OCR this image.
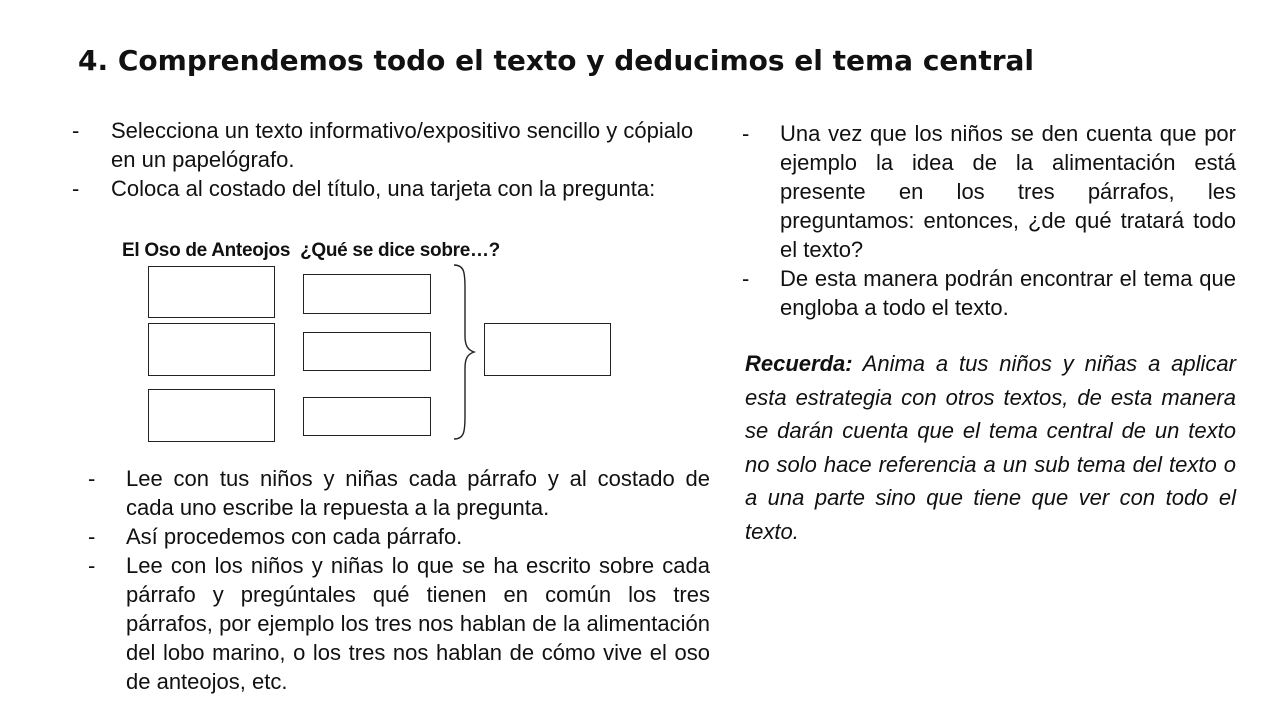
4. Comprendemos todo el texto y deducimos el tema central
- Selecciona un texto informativo/expositivo sencillo y cópialo en un papelógrafo.
- Coloca al costado del título, una tarjeta con la pregunta:
El Oso de Anteojos ¿Qué se dice sobre…?
- Lee con tus niños y niñas cada párrafo y al costado de cada uno escribe la repuesta a la pregunta.
- Así procedemos con cada párrafo.
- Lee con los niños y niñas lo que se ha escrito sobre cada párrafo y pregúntales qué tienen en común los tres párrafos, por ejemplo los tres nos hablan de la alimentación del lobo marino, o los tres nos hablan de cómo vive el oso de anteojos, etc.
- Una vez que los niños se den cuenta que por ejemplo la idea de la alimentación está presente en los tres párrafos, les preguntamos: entonces, ¿de qué tratará todo el texto?
- De esta manera podrán encontrar el tema que engloba a todo el texto.

Recuerda: Anima a tus niños y niñas a aplicar esta estrategia con otros textos, de esta manera se darán cuenta que el tema central de un texto no solo hace referencia a un sub tema del texto o a una parte sino que tiene que ver con todo el texto.
